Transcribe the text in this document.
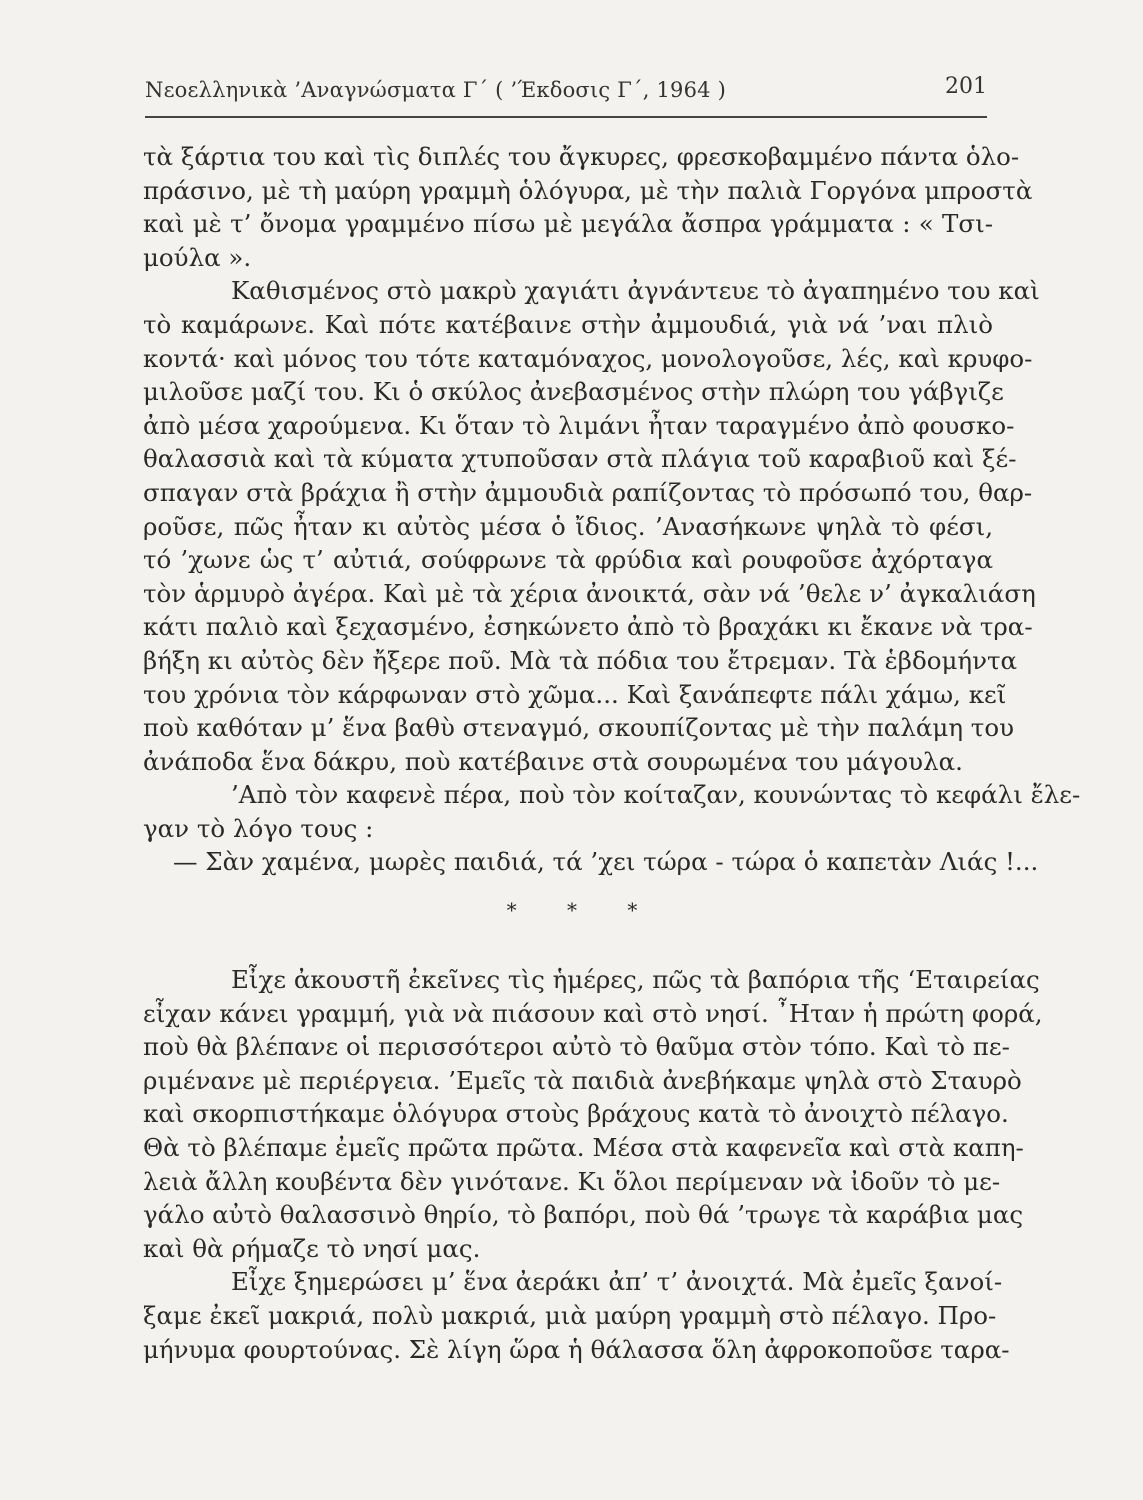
Νεοελληνικὰ ’Αναγνώσματα Γ΄ ( ’Έκδοσις Γ΄, 1964 )	201
τὰ ξάρτια του καὶ τὶς διπλές του ἄγκυρες, φρεσκοβαμμένο πάντα ὁλο-
πράσινο, μὲ τὴ μαύρη γραμμὴ ὁλόγυρα, μὲ τὴν παλιὰ Γοργόνα μπροστὰ
καὶ μὲ τ’ ὄνομα γραμμένο πίσω μὲ μεγάλα ἄσπρα γράμματα : « Τσι-
μούλα ».
Καθισμένος στὸ μακρὺ χαγιάτι ἀγνάντευε τὸ ἀγαπημένο του καὶ
τὸ καμάρωνε. Καὶ πότε κατέβαινε στὴν ἀμμουδιά, γιὰ νά ’ναι πλιὸ
κοντά· καὶ μόνος του τότε καταμόναχος, μονολογοῦσε, λές, καὶ κρυφο-
μιλοῦσε μαζί του. Κι ὁ σκύλος ἀνεβασμένος στὴν πλώρη του γάβγιζε
ἀπὸ μέσα χαρούμενα. Κι ὅταν τὸ λιμάνι ἦταν ταραγμένο ἀπὸ φουσκο-
θαλασσιὰ καὶ τὰ κύματα χτυποῦσαν στὰ πλάγια τοῦ καραβιοῦ καὶ ξέ-
σπαγαν στὰ βράχια ἢ στὴν ἀμμουδιὰ ραπίζοντας τὸ πρόσωπό του, θαρ-
ροῦσε, πῶς ἦταν κι αὐτὸς μέσα ὁ ἴδιος. ’Ανασήκωνε ψηλὰ τὸ φέσι,
τό ’χωνε ὡς τ’ αὐτιά, σούφρωνε τὰ φρύδια καὶ ρουφοῦσε ἀχόρταγα
τὸν ἁρμυρὸ ἀγέρα. Καὶ μὲ τὰ χέρια ἀνοικτά, σὰν νά ’θελε ν’ ἀγκαλιάση
κάτι παλιὸ καὶ ξεχασμένο, ἐσηκώνετο ἀπὸ τὸ βραχάκι κι ἔκανε νὰ τρα-
βήξη κι αὐτὸς δὲν ἤξερε ποῦ. Μὰ τὰ πόδια του ἔτρεμαν. Τὰ ἑβδομήντα
του χρόνια τὸν κάρφωναν στὸ χῶμα... Καὶ ξανάπεφτε πάλι χάμω, κεῖ
ποὺ καθόταν μ’ ἕνα βαθὺ στεναγμό, σκουπίζοντας μὲ τὴν παλάμη του
ἀνάποδα ἕνα δάκρυ, ποὺ κατέβαινε στὰ σουρωμένα του μάγουλα.
’Απὸ τὸν καφενὲ πέρα, ποὺ τὸν κοίταζαν, κουνώντας τὸ κεφάλι ἔλε-
γαν τὸ λόγο τους :
— Σὰν χαμένα, μωρὲς παιδιά, τά ’χει τώρα - τώρα ὁ καπετὰν Λιάς !...
* * *
Εἶχε ἀκουστῆ ἐκεῖνες τὶς ἡμέρες, πῶς τὰ βαπόρια τῆς ‘Εταιρείας
εἶχαν κάνει γραμμή, γιὰ νὰ πιάσουν καὶ στὸ νησί. ῏Ηταν ἡ πρώτη φορά,
ποὺ θὰ βλέπανε οἱ περισσότεροι αὐτὸ τὸ θαῦμα στὸν τόπο. Καὶ τὸ πε-
ριμένανε μὲ περιέργεια. ’Εμεῖς τὰ παιδιὰ ἀνεβήκαμε ψηλὰ στὸ Σταυρὸ
καὶ σκορπιστήκαμε ὁλόγυρα στοὺς βράχους κατὰ τὸ ἀνοιχτὸ πέλαγο.
Θὰ τὸ βλέπαμε ἐμεῖς πρῶτα πρῶτα. Μέσα στὰ καφενεῖα καὶ στὰ καπη-
λειὰ ἄλλη κουβέντα δὲν γινότανε. Κι ὅλοι περίμεναν νὰ ἰδοῦν τὸ με-
γάλο αὐτὸ θαλασσινὸ θηρίο, τὸ βαπόρι, ποὺ θά ’τρωγε τὰ καράβια μας
καὶ θὰ ρήμαζε τὸ νησί μας.
Εἶχε ξημερώσει μ’ ἕνα ἀεράκι ἀπ’ τ’ ἀνοιχτά. Μὰ ἐμεῖς ξανοί-
ξαμε ἐκεῖ μακριά, πολὺ μακριά, μιὰ μαύρη γραμμὴ στὸ πέλαγο. Προ-
μήνυμα φουρτούνας. Σὲ λίγη ὥρα ἡ θάλασσα ὅλη ἀφροκοποῦσε ταρα-
